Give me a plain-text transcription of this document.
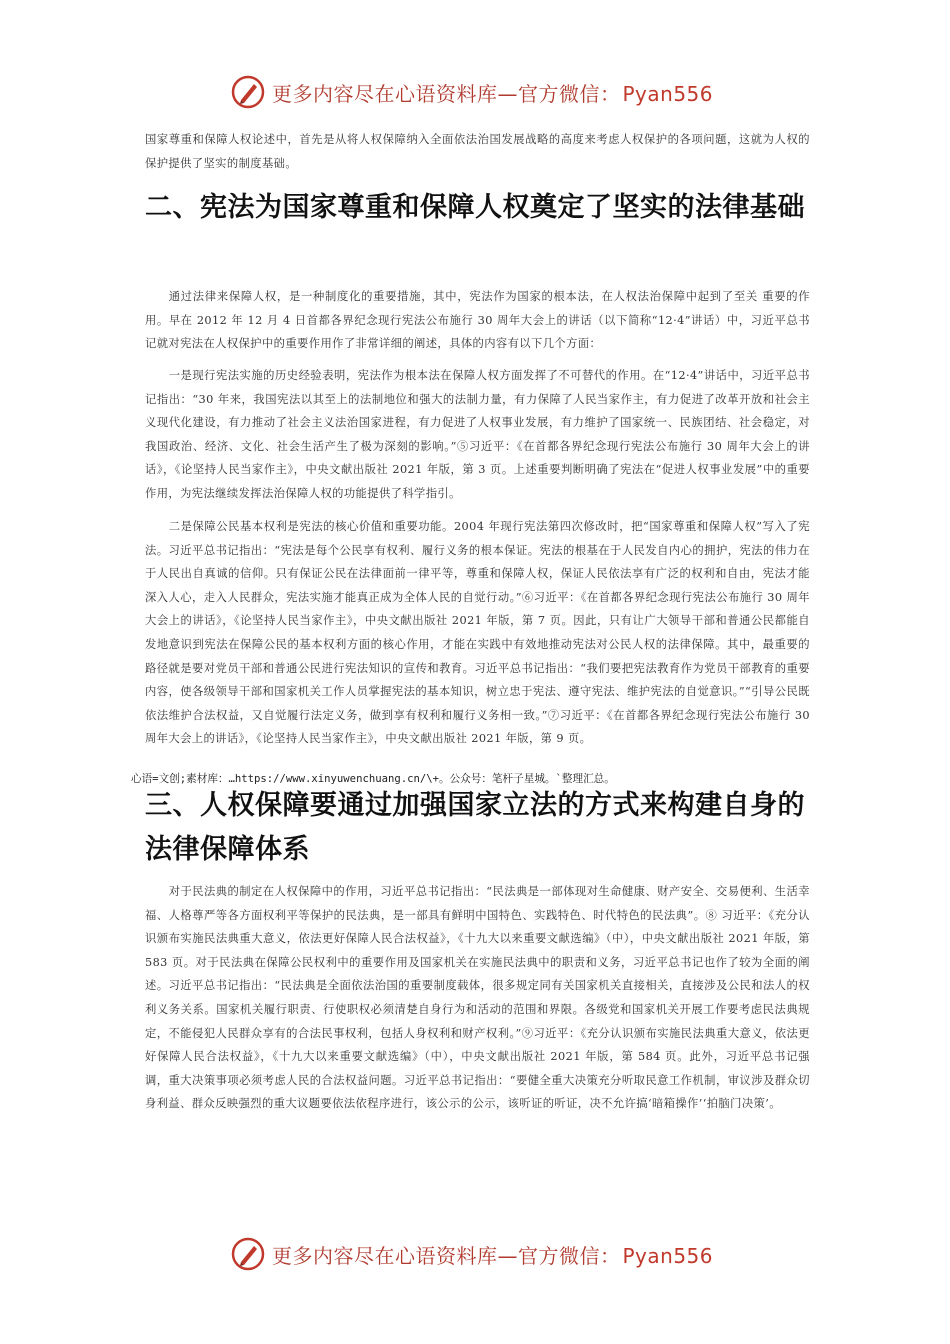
更多内容尽在心语资料库—官方微信： Pyan556

国家尊重和保障人权论述中，首先是从将人权保障纳入全面依法治国发展战略的高度来考虑人权保护的各项问题，这就为人权的保护提供了坚实的制度基础。

二、宪法为国家尊重和保障人权奠定了坚实的法律基础

通过法律来保障人权，是一种制度化的重要措施，其中，宪法作为国家的根本法，在人权法治保障中起到了至关 重要的作用。早在 2012 年 12 月 4 日首都各界纪念现行宪法公布施行 30 周年大会上的讲话（以下简称“12·4”讲话）中，习近平总书记就对宪法在人权保护中的重要作用作了非常详细的阐述，具体的内容有以下几个方面：

一是现行宪法实施的历史经验表明，宪法作为根本法在保障人权方面发挥了不可替代的作用。在“12·4”讲话中，习近平总书记指出：“30 年来，我国宪法以其至上的法制地位和强大的法制力量，有力保障了人民当家作主，有力促进了改革开放和社会主义现代化建设，有力推动了社会主义法治国家进程，有力促进了人权事业发展，有力维护了国家统一、民族团结、社会稳定，对我国政治、经济、文化、社会生活产生了极为深刻的影响。”⑤习近平：《在首都各界纪念现行宪法公布施行 30 周年大会上的讲话》，《论坚持人民当家作主》，中央文献出版社 2021 年版，第 3 页。上述重要判断明确了宪法在“促进人权事业发展”中的重要作用，为宪法继续发挥法治保障人权的功能提供了科学指引。

二是保障公民基本权利是宪法的核心价值和重要功能。2004 年现行宪法第四次修改时，把“国家尊重和保障人权”写入了宪法。习近平总书记指出：“宪法是每个公民享有权利、履行义务的根本保证。宪法的根基在于人民发自内心的拥护，宪法的伟力在于人民出自真诚的信仰。只有保证公民在法律面前一律平等，尊重和保障人权，保证人民依法享有广泛的权利和自由，宪法才能深入人心，走入人民群众，宪法实施才能真正成为全体人民的自觉行动。”⑥习近平：《在首都各界纪念现行宪法公布施行 30 周年大会上的讲话》，《论坚持人民当家作主》，中央文献出版社 2021 年版，第 7 页。因此，只有让广大领导干部和普通公民都能自发地意识到宪法在保障公民的基本权利方面的核心作用，才能在实践中有效地推动宪法对公民人权的法律保障。其中，最重要的路径就是要对党员干部和普通公民进行宪法知识的宣传和教育。习近平总书记指出：“我们要把宪法教育作为党员干部教育的重要内容，使各级领导干部和国家机关工作人员掌握宪法的基本知识，树立忠于宪法、遵守宪法、维护宪法的自觉意识。”“引导公民既依法维护合法权益，又自觉履行法定义务，做到享有权利和履行义务相一致。”⑦习近平：《在首都各界纪念现行宪法公布施行 30 周年大会上的讲话》，《论坚持人民当家作主》，中央文献出版社 2021 年版，第 9 页。

心语=文创;素材库：…https://www.xinyuwenchuang.cn/\+。公众号：笔杆子星城。`整理汇总。
三、人权保障要通过加强国家立法的方式来构建自身的法律保障体系

对于民法典的制定在人权保障中的作用，习近平总书记指出：“民法典是一部体现对生命健康、财产安全、交易便利、生活幸福、人格尊严等各方面权利平等保护的民法典，是一部具有鲜明中国特色、实践特色、时代特色的民法典”。⑧ 习近平：《充分认识颁布实施民法典重大意义，依法更好保障人民合法权益》，《十九大以来重要文献选编》（中），中央文献出版社 2021 年版，第 583 页。对于民法典在保障公民权利中的重要作用及国家机关在实施民法典中的职责和义务，习近平总书记也作了较为全面的阐述。习近平总书记指出：“民法典是全面依法治国的重要制度载体，很多规定同有关国家机关直接相关，直接涉及公民和法人的权利义务关系。国家机关履行职责、行使职权必须清楚自身行为和活动的范围和界限。各级党和国家机关开展工作要考虑民法典规定，不能侵犯人民群众享有的合法民事权利，包括人身权利和财产权利。”⑨习近平：《充分认识颁布实施民法典重大意义，依法更好保障人民合法权益》，《十九大以来重要文献选编》（中），中央文献出版社 2021 年版，第 584 页。此外，习近平总书记强调，重大决策事项必须考虑人民的合法权益问题。习近平总书记指出：“要健全重大决策充分听取民意工作机制，审议涉及群众切身利益、群众反映强烈的重大议题要依法依程序进行，该公示的公示，该听证的听证，决不允许搞‘暗箱操作’‘拍脑门决策’。

更多内容尽在心语资料库—官方微信： Pyan556
